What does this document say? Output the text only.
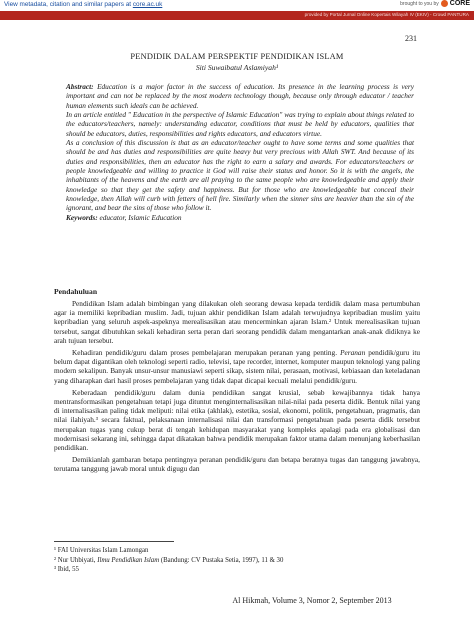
View metadata, citation and similar papers at core.ac.uk	brought to you by CORE
provided by Portal Jurnal Online Kopertais Wilayah IV (EKIV) - Crowd PANTURA
231
PENDIDIK DALAM PERSPEKTIF PENDIDIKAN ISLAM
Siti Suwaibatul Aslamiyah¹

Abstract: Education is a major factor in the success of education. Its presence in the learning process is very important and can not be replaced by the most modern technology though, because only through educator / teacher human elements such ideals can be achieved.

In an article entitled " Education in the perspective of Islamic Education" was trying to explain about things related to the educators/teachers, namely: understanding educator, conditions that must be held by educators, qualities that should be educators, duties, responsibilities and rights educators, and educators virtue.

As a conclusion of this discussion is that as an educator/teacher ought to have some terms and some qualities that should be and has duties and responsibilities are quite heavy but very precious with Allah SWT. And because of its duties and responsibilities, then an educator has the right to earn a salary and awards. For educators/teachers or people knowledgeable and willing to practice it God will raise their status and honor. So it is with the angels, the inhabitants of the heavens and the earth are all praying to the same people who are knowledgeable and apply their knowledge so that they get the safety and happiness. But for those who are knowledgeable but conceal their knowledge, then Allah will curb with fetters of hell fire. Similarly when the sinner sins are heavier than the sin of the ignorant, and bear the sins of those who follow it.

Keywords: educator, Islamic Education

Pendahuluan

Pendidikan Islam adalah bimbingan yang dilakukan oleh seorang dewasa kepada terdidik dalam masa pertumbuhan agar ia memiliki kepribadian muslim. Jadi, tujuan akhir pendidikan Islam adalah terwujudnya kepribadian muslim yaitu kepribadian yang seluruh aspek-aspeknya merealisasikan atau mencerminkan ajaran Islam.² Untuk merealisasikan tujuan tersebut, sangat dibutuhkan sekali kehadiran serta peran dari seorang pendidik dalam mengantarkan anak-anak didiknya ke arah tujuan tersebut.

Kehadiran pendidik/guru dalam proses pembelajaran merupakan peranan yang penting. Peranan pendidik/guru itu belum dapat digantikan oleh teknologi seperti radio, televisi, tape recorder, internet, komputer maupun teknologi yang paling modern sekalipun. Banyak unsur-unsur manusiawi seperti sikap, sistem nilai, perasaan, motivasi, kebiasaan dan keteladanan yang diharapkan dari hasil proses pembelajaran yang tidak dapat dicapai kecuali melalui pendidik/guru.

Keberadaan pendidik/guru dalam dunia pendidikan sangat krusial, sebab kewajibannya tidak hanya mentransformasikan pengetahuan tetapi juga dituntut menginternalisasikan nilai-nilai pada peserta didik. Bentuk nilai yang di internalisasikan paling tidak meliputi: nilai etika (akhlak), estetika, sosial, ekonomi, politik, pengetahuan, pragmatis, dan nilai ilahiyah.³ secara faktual, pelaksanaan internalisasi nilai dan transformasi pengetahuan pada peserta didik tersebut merupakan tugas yang cukup berat di tengah kehidupan masyarakat yang kompleks apalagi pada era globalisasi dan modernisasi sekarang ini, sehingga dapat dikatakan bahwa pendidik merupakan faktor utama dalam menunjang keberhasilan pendidikan.

Demikianlah gambaran betapa pentingnya peranan pendidik/guru dan betapa beratnya tugas dan tanggung jawabnya, terutama tanggung jawab moral untuk digugu dan

¹ FAI Universitas Islam Lamongan
² Nur Uhbiyati, Ilmu Pendidikan Islam (Bandung: CV Pustaka Setia, 1997), 11 & 30
³ Ibid, 55
Al Hikmah, Volume 3, Nomor 2, September 2013
